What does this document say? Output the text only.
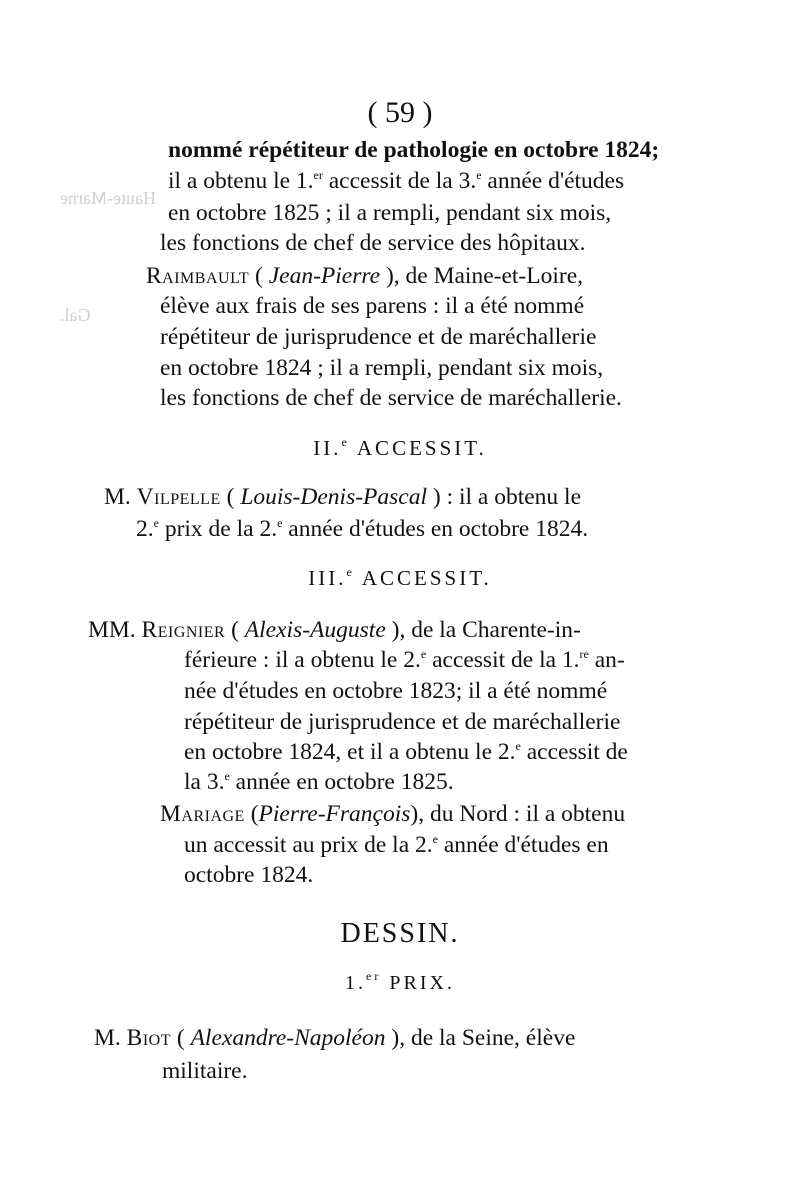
Haute-Marne
Gal.
( 59 )
nommé répétiteur de pathologie en octobre 1824;
il a obtenu le 1.$^{er}$ accessit de la 3.$^e$ année d'études
en octobre 1825 ; il a rempli, pendant six mois,
les fonctions de chef de service des hôpitaux.
Raimbault ( Jean-Pierre ), de Maine-et-Loire,
élève aux frais de ses parens : il a été nommé
répétiteur de jurisprudence et de maréchallerie
en octobre 1824 ; il a rempli, pendant six mois,
les fonctions de chef de service de maréchallerie.
II.$^e$ ACCESSIT.
M. Vilpelle ( Louis-Denis-Pascal ) : il a obtenu le
2.$^e$ prix de la 2.$^e$ année d'études en octobre 1824.
III.$^e$ ACCESSIT.
MM. Reignier ( Alexis-Auguste ), de la Charente-in-
férieure : il a obtenu le 2.$^e$ accessit de la 1.$^{re}$ an-
née d'études en octobre 1823; il a été nommé
répétiteur de jurisprudence et de maréchallerie
en octobre 1824, et il a obtenu le 2.$^e$ accessit de
la 3.$^e$ année en octobre 1825.
Mariage (Pierre-François), du Nord : il a obtenu
un accessit au prix de la 2.$^e$ année d'études en
octobre 1824.
DESSIN.
1.$^{er}$ PRIX.
M. Biot ( Alexandre-Napoléon ), de la Seine, élève
militaire.
